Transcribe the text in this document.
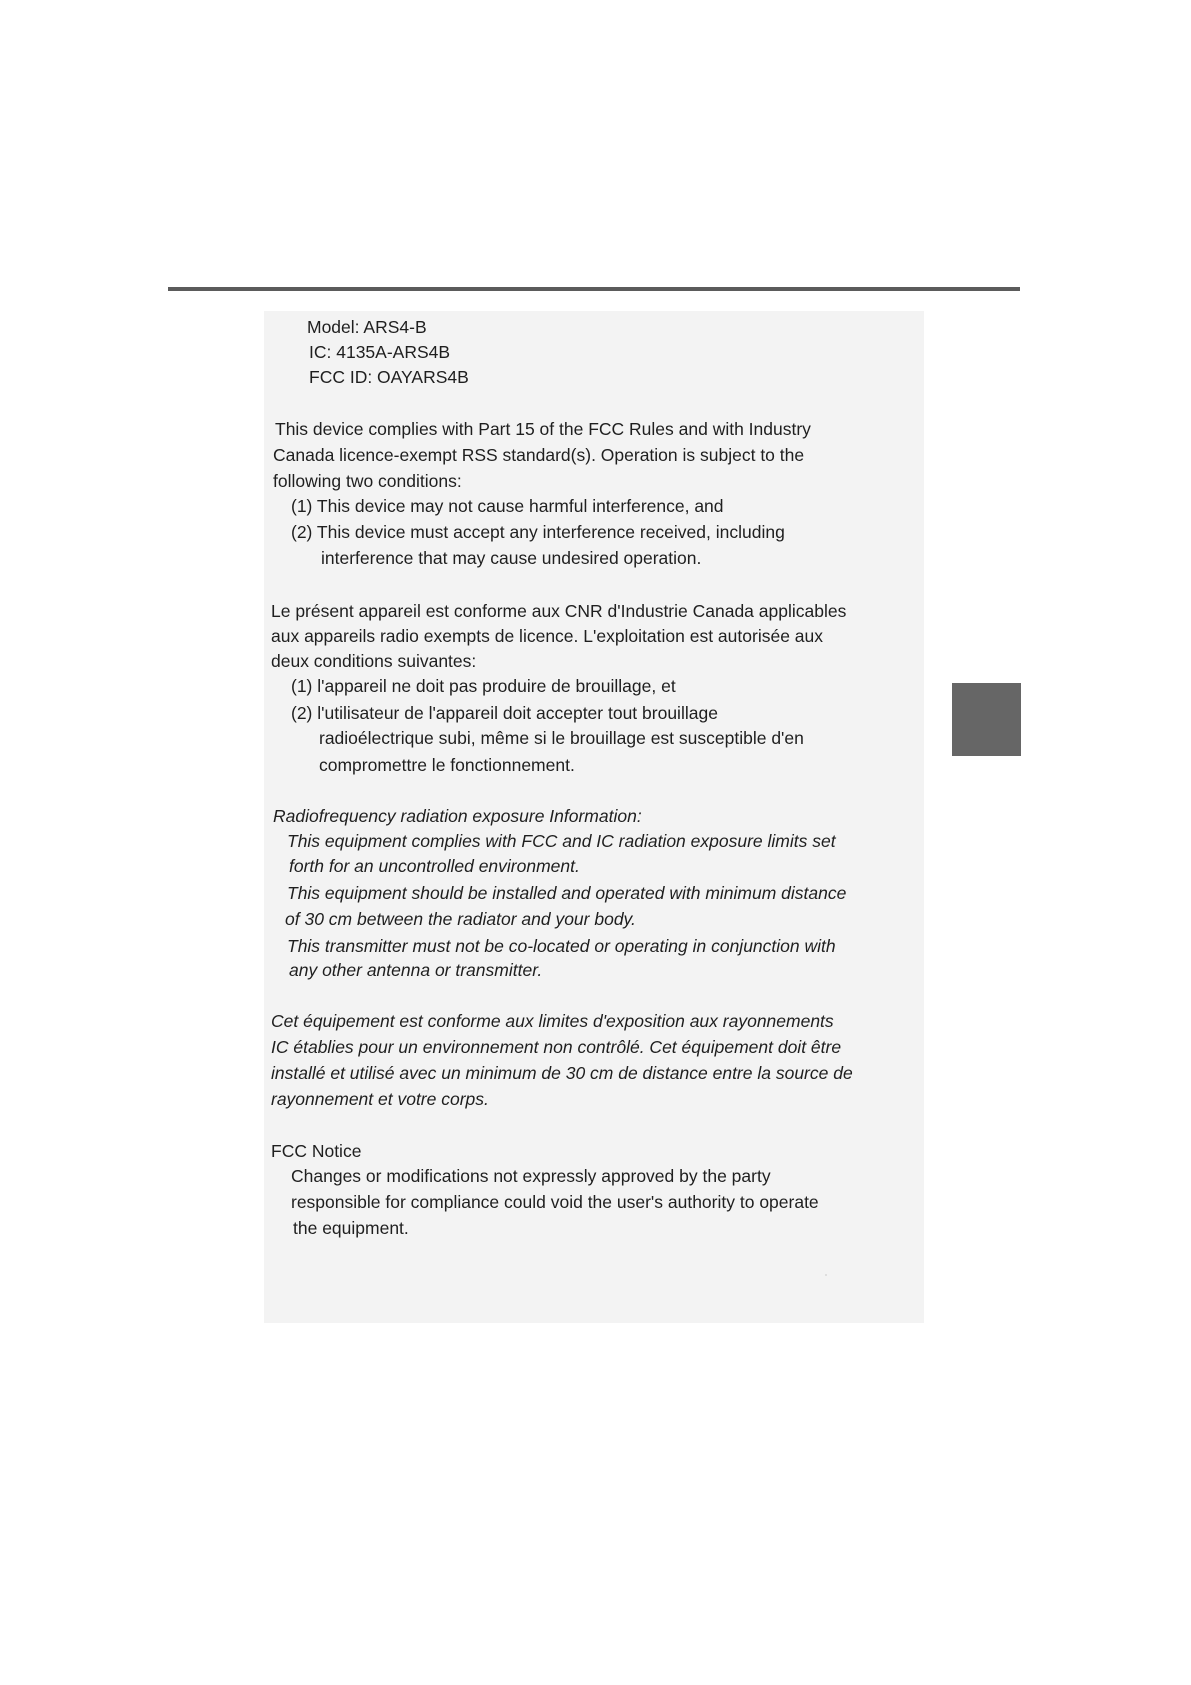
Model: ARS4-B
IC: 4135A-ARS4B
FCC ID: OAYARS4B
This device complies with Part 15 of the FCC Rules and with Industry
Canada licence-exempt RSS standard(s). Operation is subject to the
following two conditions:
(1) This device may not cause harmful interference, and
(2) This device must accept any interference received, including
interference that may cause undesired operation.
Le présent appareil est conforme aux CNR d'Industrie Canada applicables
aux appareils radio exempts de licence. L'exploitation est autorisée aux
deux conditions suivantes:
(1) l'appareil ne doit pas produire de brouillage, et
(2) l'utilisateur de l'appareil doit accepter tout brouillage
radioélectrique subi, même si le brouillage est susceptible d'en
compromettre le fonctionnement.
Radiofrequency radiation exposure Information:
This equipment complies with FCC and IC radiation exposure limits set
forth for an uncontrolled environment.
This equipment should be installed and operated with minimum distance
of 30 cm between the radiator and your body.
This transmitter must not be co-located or operating in conjunction with
any other antenna or transmitter.
Cet équipement est conforme aux limites d'exposition aux rayonnements
IC établies pour un environnement non contrôlé. Cet équipement doit être
installé et utilisé avec un minimum de 30 cm de distance entre la source de
rayonnement et votre corps.
FCC Notice
Changes or modifications not expressly approved by the party
responsible for compliance could void the user's authority to operate
the equipment.
